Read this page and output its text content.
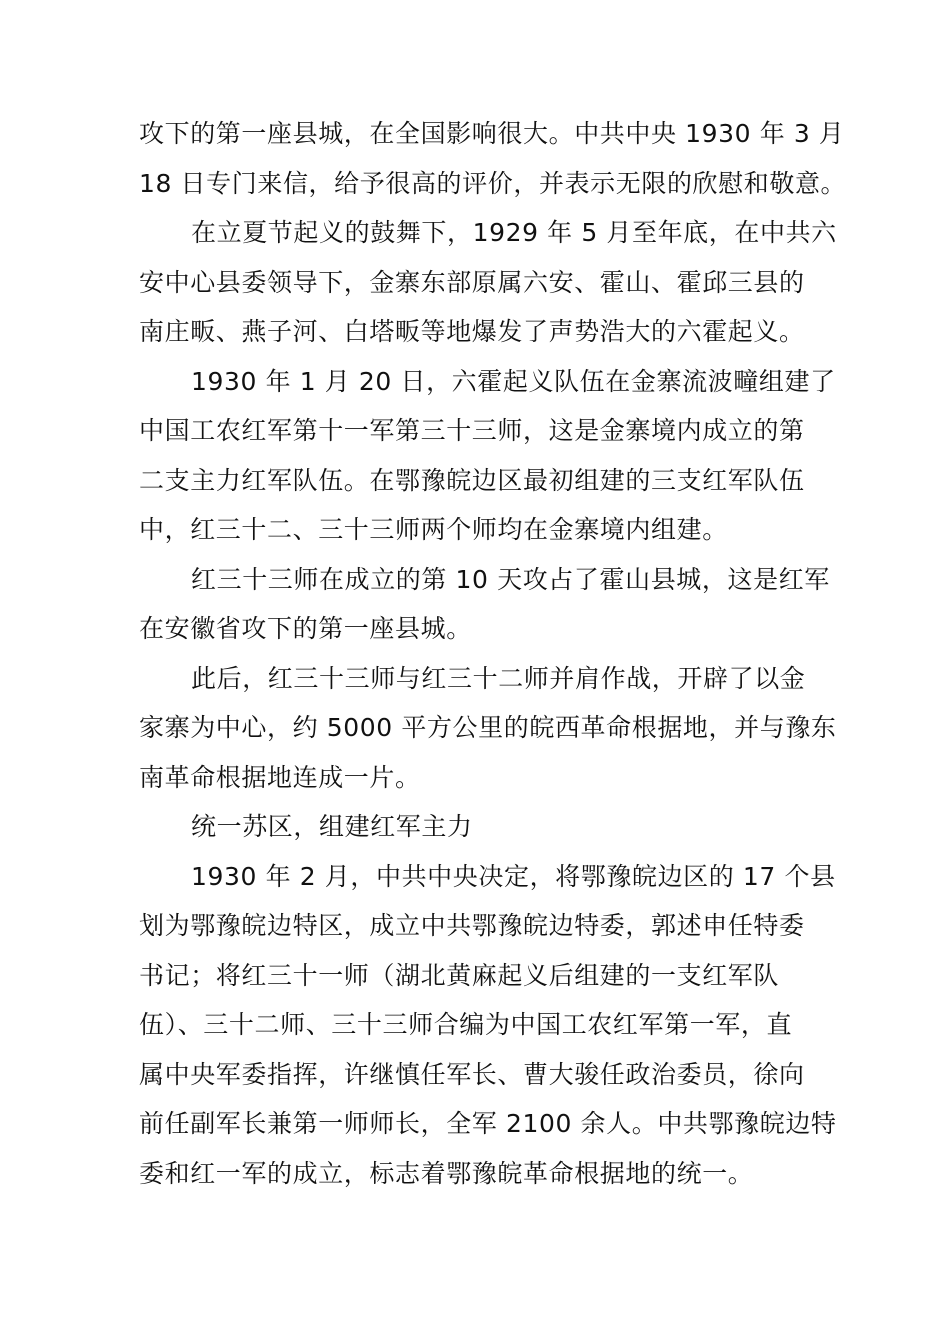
攻下的第一座县城，在全国影响很大。中共中央 1930 年 3 月
18 日专门来信，给予很高的评价，并表示无限的欣慰和敬意。
在立夏节起义的鼓舞下，1929 年 5 月至年底，在中共六
安中心县委领导下，金寨东部原属六安、霍山、霍邱三县的
南庄畈、燕子河、白塔畈等地爆发了声势浩大的六霍起义。
1930 年 1 月 20 日，六霍起义队伍在金寨流波疃组建了
中国工农红军第十一军第三十三师，这是金寨境内成立的第
二支主力红军队伍。在鄂豫皖边区最初组建的三支红军队伍
中，红三十二、三十三师两个师均在金寨境内组建。
红三十三师在成立的第 10 天攻占了霍山县城，这是红军
在安徽省攻下的第一座县城。
此后，红三十三师与红三十二师并肩作战，开辟了以金
家寨为中心，约 5000 平方公里的皖西革命根据地，并与豫东
南革命根据地连成一片。
统一苏区，组建红军主力
1930 年 2 月，中共中央决定，将鄂豫皖边区的 17 个县
划为鄂豫皖边特区，成立中共鄂豫皖边特委，郭述申任特委
书记；将红三十一师（湖北黄麻起义后组建的一支红军队
伍）、三十二师、三十三师合编为中国工农红军第一军，直
属中央军委指挥，许继慎任军长、曹大骏任政治委员，徐向
前任副军长兼第一师师长，全军 2100 余人。中共鄂豫皖边特
委和红一军的成立，标志着鄂豫皖革命根据地的统一。
